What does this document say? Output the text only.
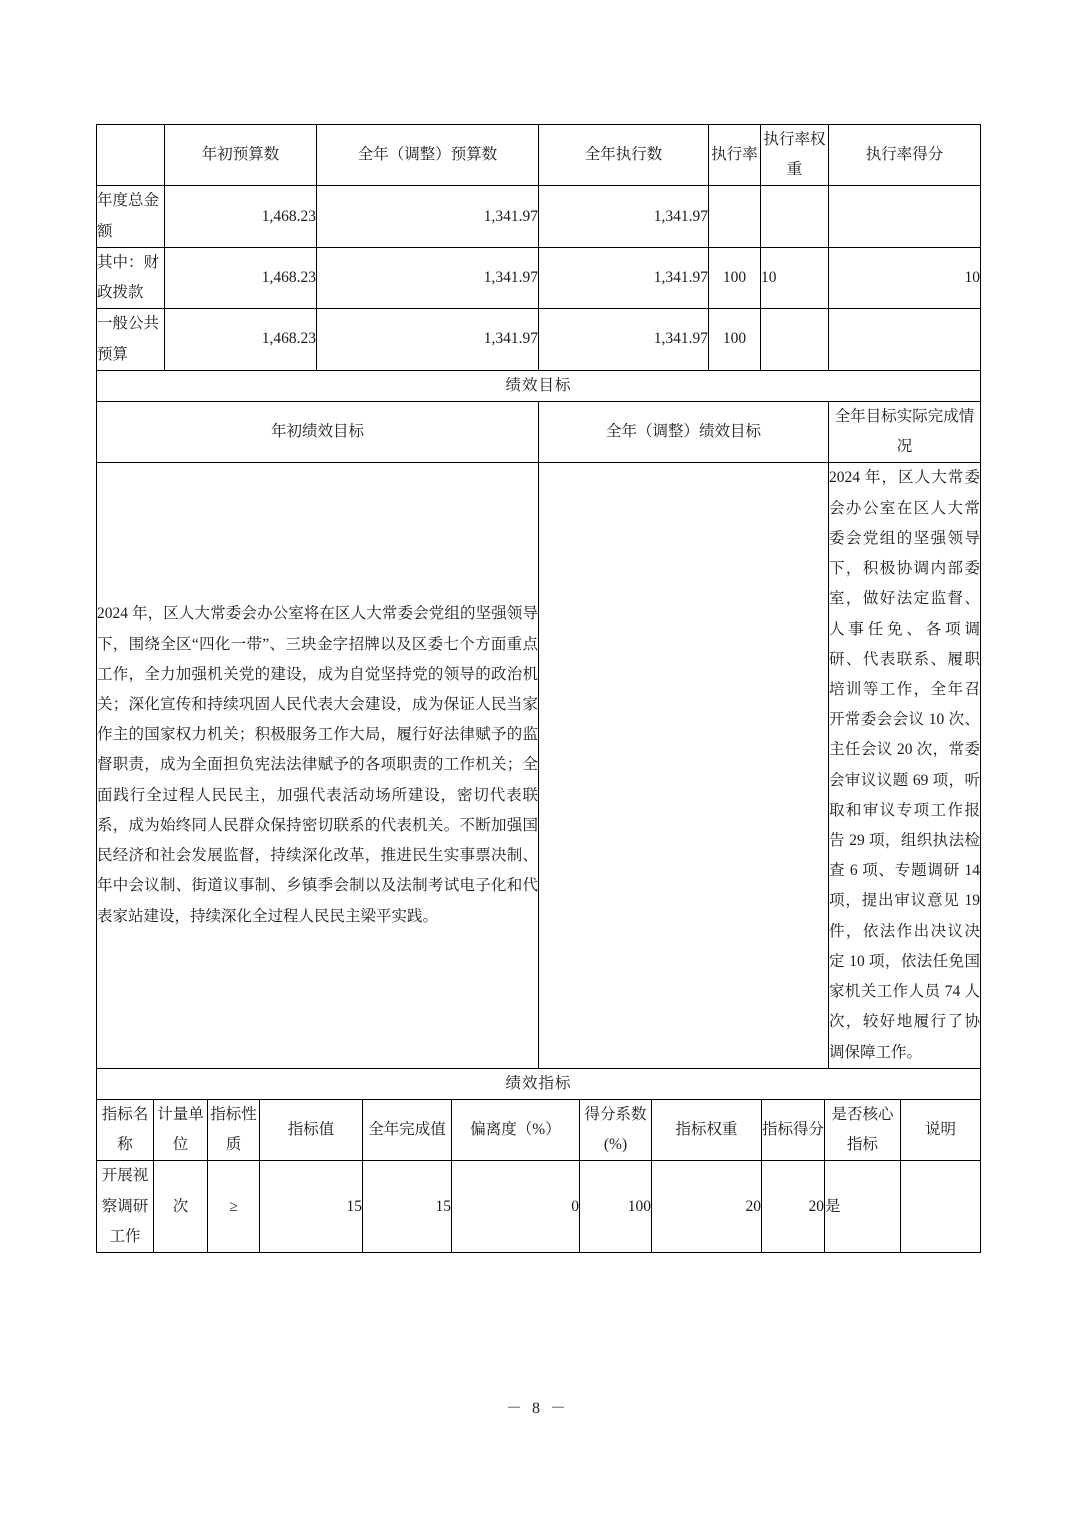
	年初预算数	全年（调整）预算数	全年执行数	执行率	执行率权重	执行率得分
年度总金额	1,468.23	1,341.97	1,341.97			
其中：财政拨款	1,468.23	1,341.97	1,341.97	100	10	10
一般公共预算	1,468.23	1,341.97	1,341.97	100		
绩效目标						
年初绩效目标			全年（调整）绩效目标			全年目标实际完成情况
2024 年，区人大常委会办公室将在区人大常委会党组的坚强领导下，围绕全区“四化一带”、三块金字招牌以及区委七个方面重点工作，全力加强机关党的建设，成为自觉坚持党的领导的政治机关；深化宣传和持续巩固人民代表大会建设，成为保证人民当家作主的国家权力机关；积极服务工作大局，履行好法律赋予的监督职责，成为全面担负宪法法律赋予的各项职责的工作机关；全面践行全过程人民民主，加强代表活动场所建设，密切代表联系，成为始终同人民群众保持密切联系的代表机关。不断加强国民经济和社会发展监督，持续深化改革，推进民生实事票决制、年中会议制、街道议事制、乡镇季会制以及法制考试电子化和代表家站建设，持续深化全过程人民民主梁平实践。		2024 年，区人大常委会办公室在区人大常委会党组的坚强领导下，积极协调内部委室，做好法定监督、人事任免、各项调研、代表联系、履职培训等工作，全年召开常委会会议 10 次、主任会议 20 次，常委会审议议题 69 项，听取和审议专项工作报告 29 项，组织执法检查 6 项、专题调研 14 项，提出审议意见 19 件，依法作出决议决定 10 项，依法任免国家机关工作人员 74 人次，较好地履行了协调保障工作。
绩效指标						
指标名称	计量单位	指标性质	指标值	全年完成值	偏离度（%）	得分系数(%)	指标权重	指标得分	是否核心指标	说明
开展视察调研工作	次	≥	15	15	0	100	20	20	是	
－ 8 －
